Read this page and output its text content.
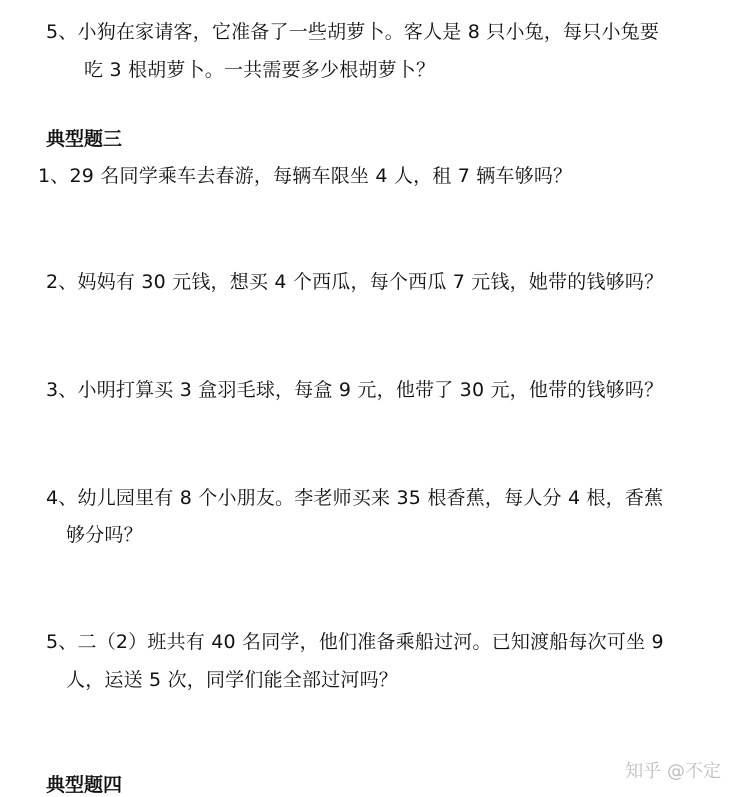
5、小狗在家请客，它准备了一些胡萝卜。客人是 8 只小兔，每只小兔要
吃 3 根胡萝卜。一共需要多少根胡萝卜？
典型题三
1、29 名同学乘车去春游，每辆车限坐 4 人，租 7 辆车够吗？
2、妈妈有 30 元钱，想买 4 个西瓜，每个西瓜 7 元钱，她带的钱够吗？
3、小明打算买 3 盒羽毛球，每盒 9 元，他带了 30 元，他带的钱够吗？
4、幼儿园里有 8 个小朋友。李老师买来 35 根香蕉，每人分 4 根，香蕉
够分吗？
5、二（2）班共有 40 名同学，他们准备乘船过河。已知渡船每次可坐 9
人，运送 5 次，同学们能全部过河吗？
典型题四
知乎 @不定
